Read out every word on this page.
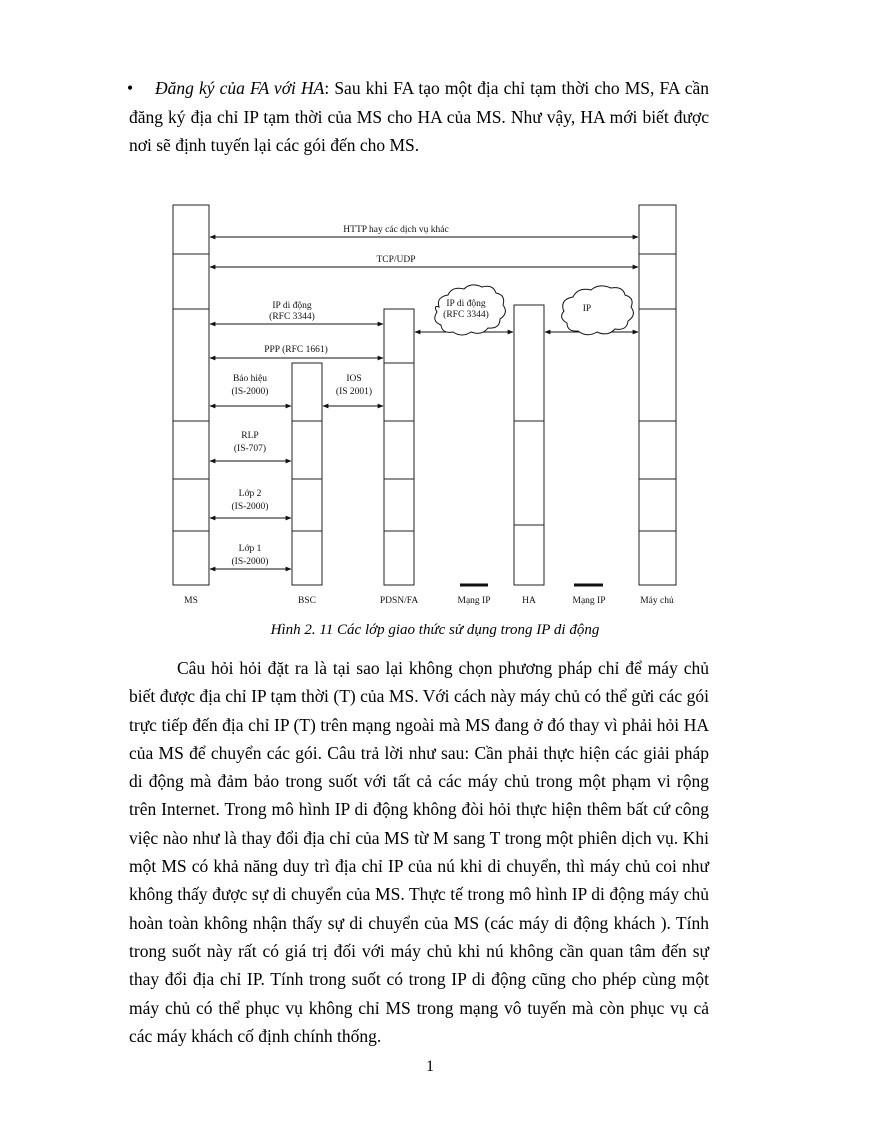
•	Đăng ký của FA với HA: Sau khi FA tạo một địa chỉ tạm thời cho MS, FA cần đăng ký địa chỉ IP tạm thời của MS cho HA của MS. Như vậy, HA mới biết được nơi sẽ định tuyến lại các gói đến cho MS.
HTTP hay các dịch vụ khác
TCP/UDP
IP di động
(RFC 3344)
PPP (RFC 1661)
Báo hiệu
(IS-2000)
IOS
(IS 2001)
RLP
(IS-707)
Lớp 2
(IS-2000)
Lớp 1
(IS-2000)
IP di động
(RFC 3344)
IP
MS	BSC	PDSN/FA	Mạng IP	HA	Mạng IP	Máy chủ
Hình 2. 11 Các lớp giao thức sử dụng trong IP di động
Câu hỏi hỏi đặt ra là tại sao lại không chọn phương pháp chỉ để máy chủ biết được địa chỉ IP tạm thời (T) của MS. Với cách này máy chủ có thể gửi các gói trực tiếp đến địa chỉ IP (T) trên mạng ngoài mà MS đang ở đó thay vì phải hỏi HA của MS để chuyển các gói. Câu trả lời như sau: Cần phải thực hiện các giải pháp di động mà đảm bảo trong suốt với tất cả các máy chủ trong một phạm vi rộng trên Internet. Trong mô hình IP di động không đòi hỏi thực hiện thêm bất cứ công việc nào như là thay đổi địa chỉ của MS từ M sang T trong một phiên dịch vụ. Khi một MS có khả năng duy trì địa chỉ IP của nú khi di chuyển, thì máy chủ coi như không thấy được sự di chuyển của MS. Thực tế trong mô hình IP di động máy chủ hoàn toàn không nhận thấy sự di chuyển của MS (các máy di động khách ). Tính trong suốt này rất có giá trị đối với máy chủ khi nú không cần quan tâm đến sự thay đổi địa chỉ IP. Tính trong suốt có trong IP di động cũng cho phép cùng một máy chủ có thể phục vụ không chỉ MS trong mạng vô tuyến mà còn phục vụ cả các máy khách cố định chính thống.
1
